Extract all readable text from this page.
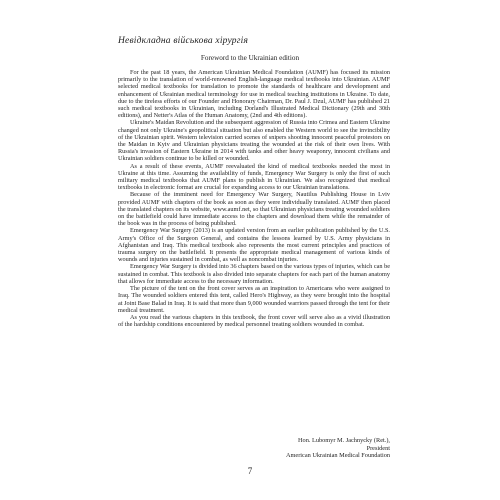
Невідкладна військова хірургія
Foreword to the Ukrainian edition

For the past 18 years, the American Ukrainian Medical Foundation (AUMF) has focused its mission primarily to the translation of world-renowned English-language medical textbooks into Ukrainian. AUMF selected medical textbooks for translation to promote the standards of healthcare and development and enhancement of Ukrainian medical terminology for use in medical teaching institutions in Ukraine. To date, due to the tireless efforts of our Founder and Honorary Chairman, Dr. Paul J. Dzul, AUMF has published 21 such medical textbooks in Ukrainian, including Dorland's Illustrated Medical Dictionary (29th and 30th editions), and Netter's Atlas of the Human Anatomy, (2nd and 4th editions).

Ukraine's Maidan Revolution and the subsequent aggression of Russia into Crimea and Eastern Ukraine changed not only Ukraine's geopolitical situation but also enabled the Western world to see the invincibility of the Ukrainian spirit. Western television carried scenes of snipers shooting innocent peaceful protestors on the Maidan in Kyiv and Ukrainian physicians treating the wounded at the risk of their own lives. With Russia's invasion of Eastern Ukraine in 2014 with tanks and other heavy weaponry, innocent civilians and Ukrainian soldiers continue to be killed or wounded.

As a result of these events, AUMF reevaluated the kind of medical textbooks needed the most in Ukraine at this time. Assuming the availability of funds, Emergency War Surgery is only the first of such military medical textbooks that AUMF plans to publish in Ukrainian. We also recognized that medical textbooks in electronic format are crucial for expanding access to our Ukrainian translations.

Because of the imminent need for Emergency War Surgery, Nautilus Publishing House in Lviv provided AUMF with chapters of the book as soon as they were individually translated. AUMF then placed the translated chapters on its website, www.aumf.net, so that Ukrainian physicians treating wounded soldiers on the battlefield could have immediate access to the chapters and download them while the remainder of the book was in the process of being published.

Emergency War Surgery (2013) is an updated version from an earlier publication published by the U.S. Army's Office of the Surgeon General, and contains the lessons learned by U.S. Army physicians in Afghanistan and Iraq. This medical textbook also represents the most current principles and practices of trauma surgery on the battlefield. It presents the appropriate medical management of various kinds of wounds and injuries sustained in combat, as well as noncombat injuries.

Emergency War Surgery is divided into 36 chapters based on the various types of injuries, which can be sustained in combat. This textbook is also divided into separate chapters for each part of the human anatomy that allows for immediate access to the necessary information.

The picture of the tent on the front cover serves as an inspiration to Americans who were assigned to Iraq. The wounded soldiers entered this tent, called Hero's Highway, as they were brought into the hospital at Joint Base Balad in Iraq. It is said that more than 9,000 wounded warriors passed through the tent for their medical treatment.

As you read the various chapters in this textbook, the front cover will serve also as a vivid illustration of the hardship conditions encountered by medical personnel treating soldiers wounded in combat.

Hon. Lubomyr M. Jachnycky (Ret.),
President
American Ukrainian Medical Foundation
7
